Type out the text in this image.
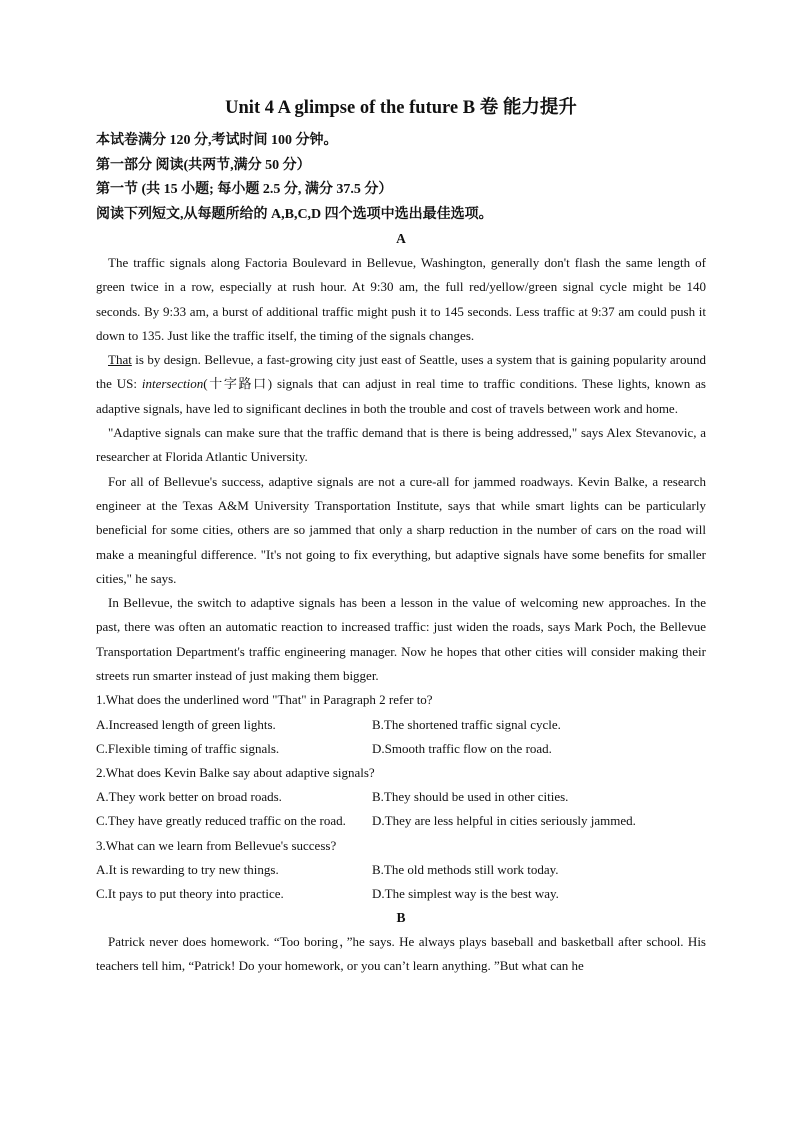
Unit 4 A glimpse of the future B 卷 能力提升
本试卷满分 120 分,考试时间 100 分钟。
第一部分 阅读(共两节,满分 50 分）
第一节 (共 15 小题; 每小题 2.5 分, 满分 37.5 分）
阅读下列短文,从每题所给的 A,B,C,D 四个选项中选出最佳选项。
A

The traffic signals along Factoria Boulevard in Bellevue, Washington, generally don't flash the same length of green twice in a row, especially at rush hour. At 9:30 am, the full red/yellow/green signal cycle might be 140 seconds. By 9:33 am, a burst of additional traffic might push it to 145 seconds. Less traffic at 9:37 am could push it down to 135. Just like the traffic itself, the timing of the signals changes.

That is by design. Bellevue, a fast-growing city just east of Seattle, uses a system that is gaining popularity around the US: intersection(十字路口) signals that can adjust in real time to traffic conditions. These lights, known as adaptive signals, have led to significant declines in both the trouble and cost of travels between work and home.

"Adaptive signals can make sure that the traffic demand that is there is being addressed," says Alex Stevanovic, a researcher at Florida Atlantic University.

For all of Bellevue's success, adaptive signals are not a cure-all for jammed roadways. Kevin Balke, a research engineer at the Texas A&M University Transportation Institute, says that while smart lights can be particularly beneficial for some cities, others are so jammed that only a sharp reduction in the number of cars on the road will make a meaningful difference. "It's not going to fix everything, but adaptive signals have some benefits for smaller cities," he says.

In Bellevue, the switch to adaptive signals has been a lesson in the value of welcoming new approaches. In the past, there was often an automatic reaction to increased traffic: just widen the roads, says Mark Poch, the Bellevue Transportation Department's traffic engineering manager. Now he hopes that other cities will consider making their streets run smarter instead of just making them bigger.

1.What does the underlined word "That" in Paragraph 2 refer to?
A.Increased length of green lights.	B.The shortened traffic signal cycle.
C.Flexible timing of traffic signals.	D.Smooth traffic flow on the road.
2.What does Kevin Balke say about adaptive signals?
A.They work better on broad roads.	B.They should be used in other cities.
C.They have greatly reduced traffic on the road.	D.They are less helpful in cities seriously jammed.
3.What can we learn from Bellevue's success?
A.It is rewarding to try new things.	B.The old methods still work today.
C.It pays to put theory into practice.	D.The simplest way is the best way.
B

Patrick never does homework. “Too boring，”he says. He always plays baseball and basketball after school. His teachers tell him, “Patrick! Do your homework, or you can’t learn anything. ”But what can he
